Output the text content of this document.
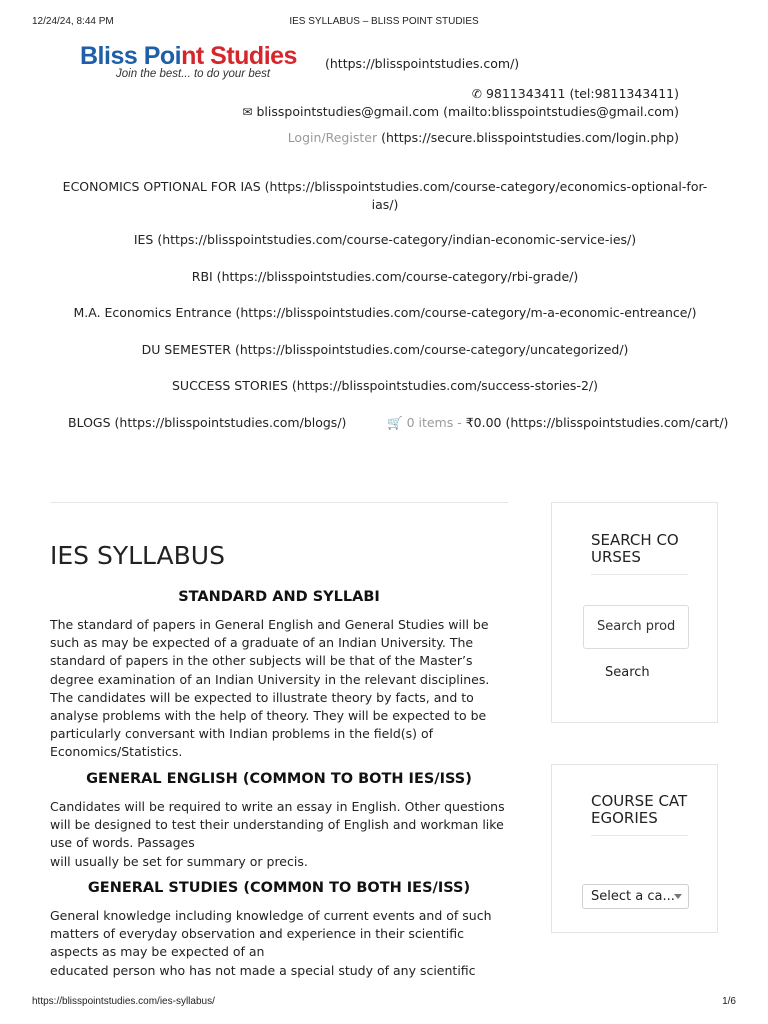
12/24/24, 8:44 PM	IES SYLLABUS – BLISS POINT STUDIES
Bliss Point Studies
Join the best... to do your best
(https://blisspointstudies.com/)
✆ 9811343411 (tel:9811343411)
✉ blisspointstudies@gmail.com (mailto:blisspointstudies@gmail.com)
Login/Register (https://secure.blisspointstudies.com/login.php)
ECONOMICS OPTIONAL FOR IAS (https://blisspointstudies.com/course-category/economics-optional-for-ias/)
IES (https://blisspointstudies.com/course-category/indian-economic-service-ies/)
RBI (https://blisspointstudies.com/course-category/rbi-grade/)
M.A. Economics Entrance (https://blisspointstudies.com/course-category/m-a-economic-entreance/)
DU SEMESTER (https://blisspointstudies.com/course-category/uncategorized/)
SUCCESS STORIES (https://blisspointstudies.com/success-stories-2/)
BLOGS (https://blisspointstudies.com/blogs/)	🛒 0 items - ₹0.00 (https://blisspointstudies.com/cart/)
IES SYLLABUS
STANDARD AND SYLLABI

The standard of papers in General English and General Studies will be such as may be expected of a graduate of an Indian University. The standard of papers in the other subjects will be that of the Master’s degree examination of an Indian University in the relevant disciplines. The candidates will be expected to illustrate theory by facts, and to analyse problems with the help of theory. They will be expected to be particularly conversant with Indian problems in the field(s) of Economics/Statistics.

GENERAL ENGLISH (COMMON TO BOTH IES/ISS)
Candidates will be required to write an essay in English. Other questions will be designed to test their understanding of English and workman like use of words. Passages
will usually be set for summary or precis.
GENERAL STUDIES (COMM0N TO BOTH IES/ISS)
General knowledge including knowledge of current events and of such matters of everyday observation and experience in their scientific aspects as may be expected of an
educated person who has not made a special study of any scientific
SEARCH COURSES
Search prod
Search
COURSE CATEGORIES
Select a ca...
https://blisspointstudies.com/ies-syllabus/	1/6
